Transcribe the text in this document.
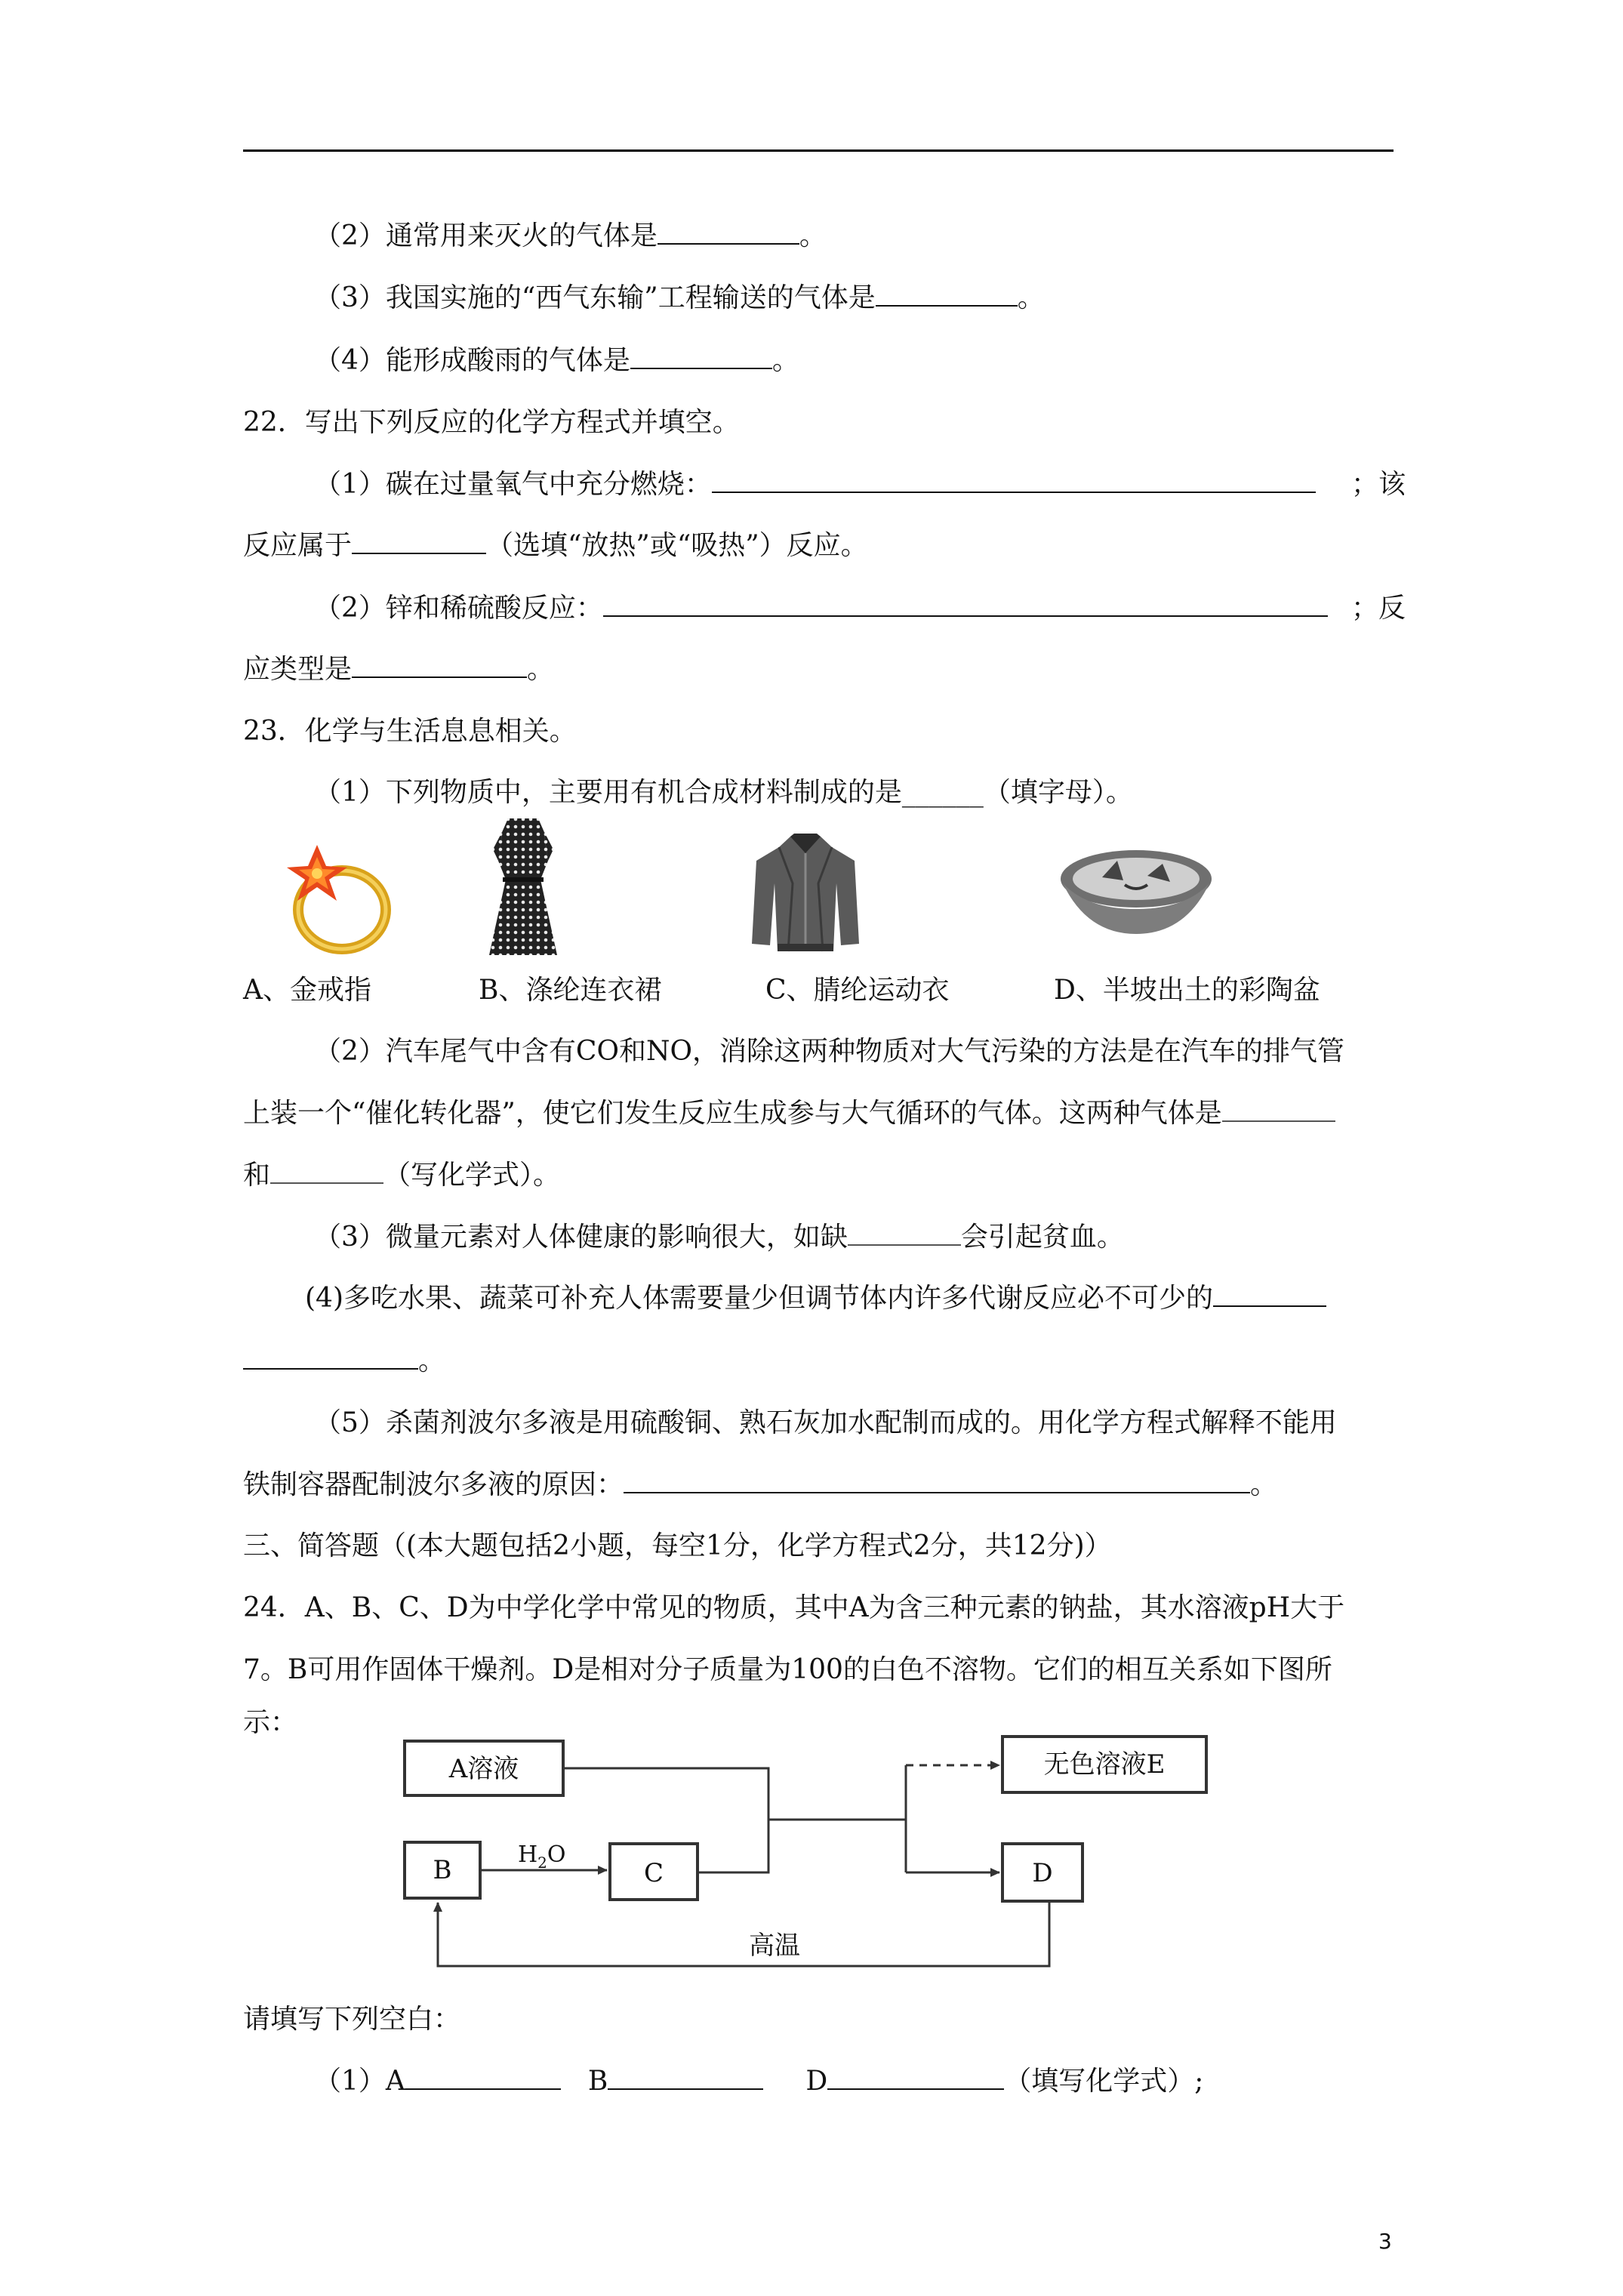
（2）通常用来灭火的气体是	。
（3）我国实施的“西气东输”工程输送的气体是	。
（4）能形成酸雨的气体是	。
22．写出下列反应的化学方程式并填空。
（1）碳在过量氧气中充分燃烧：	；该
反应属于	（选填“放热”或“吸热”）反应。
（2）锌和稀硫酸反应：	；反
应类型是	。
23．化学与生活息息相关。
（1）下列物质中，主要用有机合成材料制成的是______（填字母）。
A、金戒指	B、涤纶连衣裙	C、腈纶运动衣	D、半坡出土的彩陶盆
（2）汽车尾气中含有CO和NO，消除这两种物质对大气污染的方法是在汽车的排气管
上装一个“催化转化器”，使它们发生反应生成参与大气循环的气体。这两种气体是
和	（写化学式）。
（3）微量元素对人体健康的影响很大，如缺	会引起贫血。
(4)多吃水果、蔬菜可补充人体需要量少但调节体内许多代谢反应必不可少的
。
（5）杀菌剂波尔多液是用硫酸铜、熟石灰加水配制而成的。用化学方程式解释不能用
铁制容器配制波尔多液的原因：	。
三、简答题（(本大题包括2小题，每空1分，化学方程式2分，共12分)）
24．A、B、C、D为中学化学中常见的物质，其中A为含三种元素的钠盐，其水溶液pH大于
7。B可用作固体干燥剂。D是相对分子质量为100的白色不溶物。它们的相互关系如下图所
示：
A溶液	无色溶液E
B	C	D
$H_2O$
高温
请填写下列空白：
（1）A	B	D	（填写化学式）;
3
